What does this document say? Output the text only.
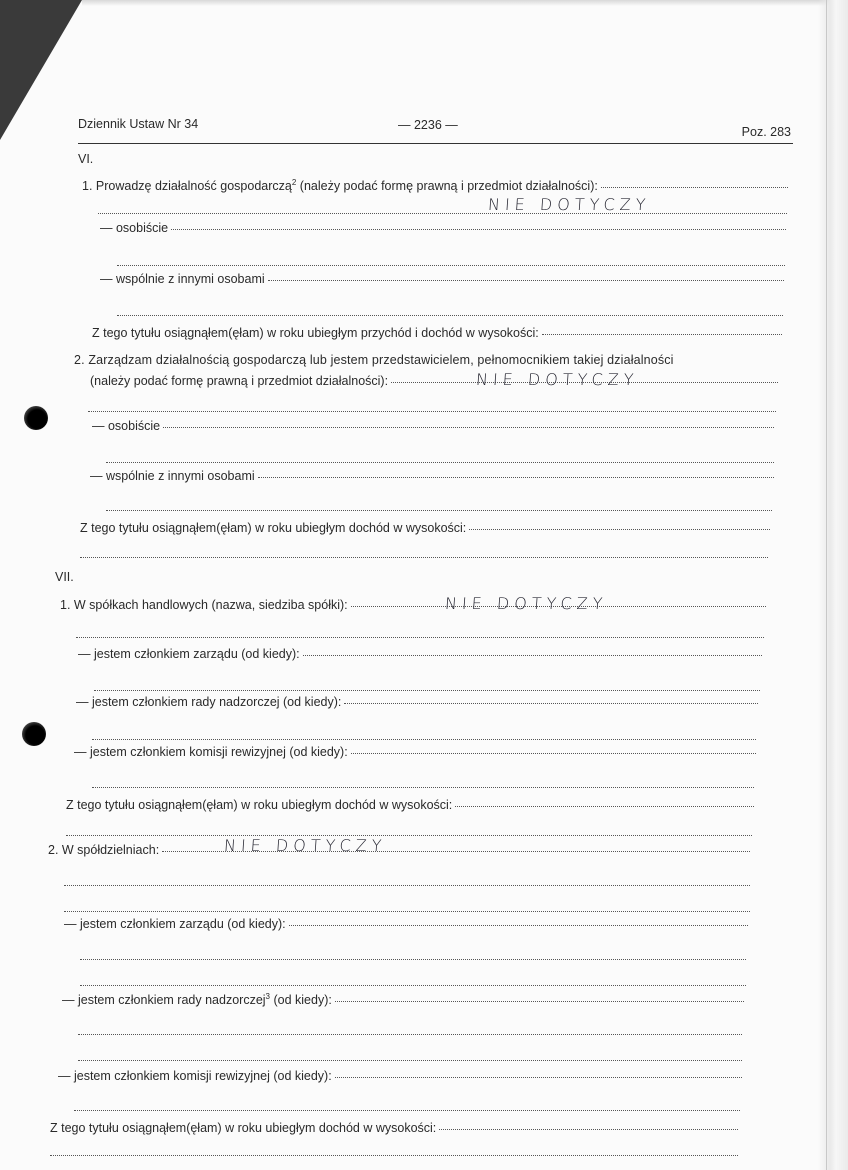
Dziennik Ustaw Nr 34	— 2236 —	Poz. 283
VI.
1. Prowadzę działalność gospodarczą$^2$ (należy podać formę prawną i przedmiot działalności):
NIE DOTYCZY
— osobiście
— wspólnie z innymi osobami
Z tego tytułu osiągnąłem(ęłam) w roku ubiegłym przychód i dochód w wysokości:
2. Zarządzam działalnością gospodarczą lub jestem przedstawicielem, pełnomocnikiem takiej działalności
(należy podać formę prawną i przedmiot działalności):	NIE DOTYCZY
— osobiście
— wspólnie z innymi osobami
Z tego tytułu osiągnąłem(ęłam) w roku ubiegłym dochód w wysokości:
VII.
1. W spółkach handlowych (nazwa, siedziba spółki):	NIE DOTYCZY
— jestem członkiem zarządu (od kiedy):
— jestem członkiem rady nadzorczej (od kiedy):
— jestem członkiem komisji rewizyjnej (od kiedy):
Z tego tytułu osiągnąłem(ęłam) w roku ubiegłym dochód w wysokości:
2. W spółdzielniach:	NIE DOTYCZY
— jestem członkiem zarządu (od kiedy):
— jestem członkiem rady nadzorczej$^3$ (od kiedy):
— jestem członkiem komisji rewizyjnej (od kiedy):
Z tego tytułu osiągnąłem(ęłam) w roku ubiegłym dochód w wysokości:
